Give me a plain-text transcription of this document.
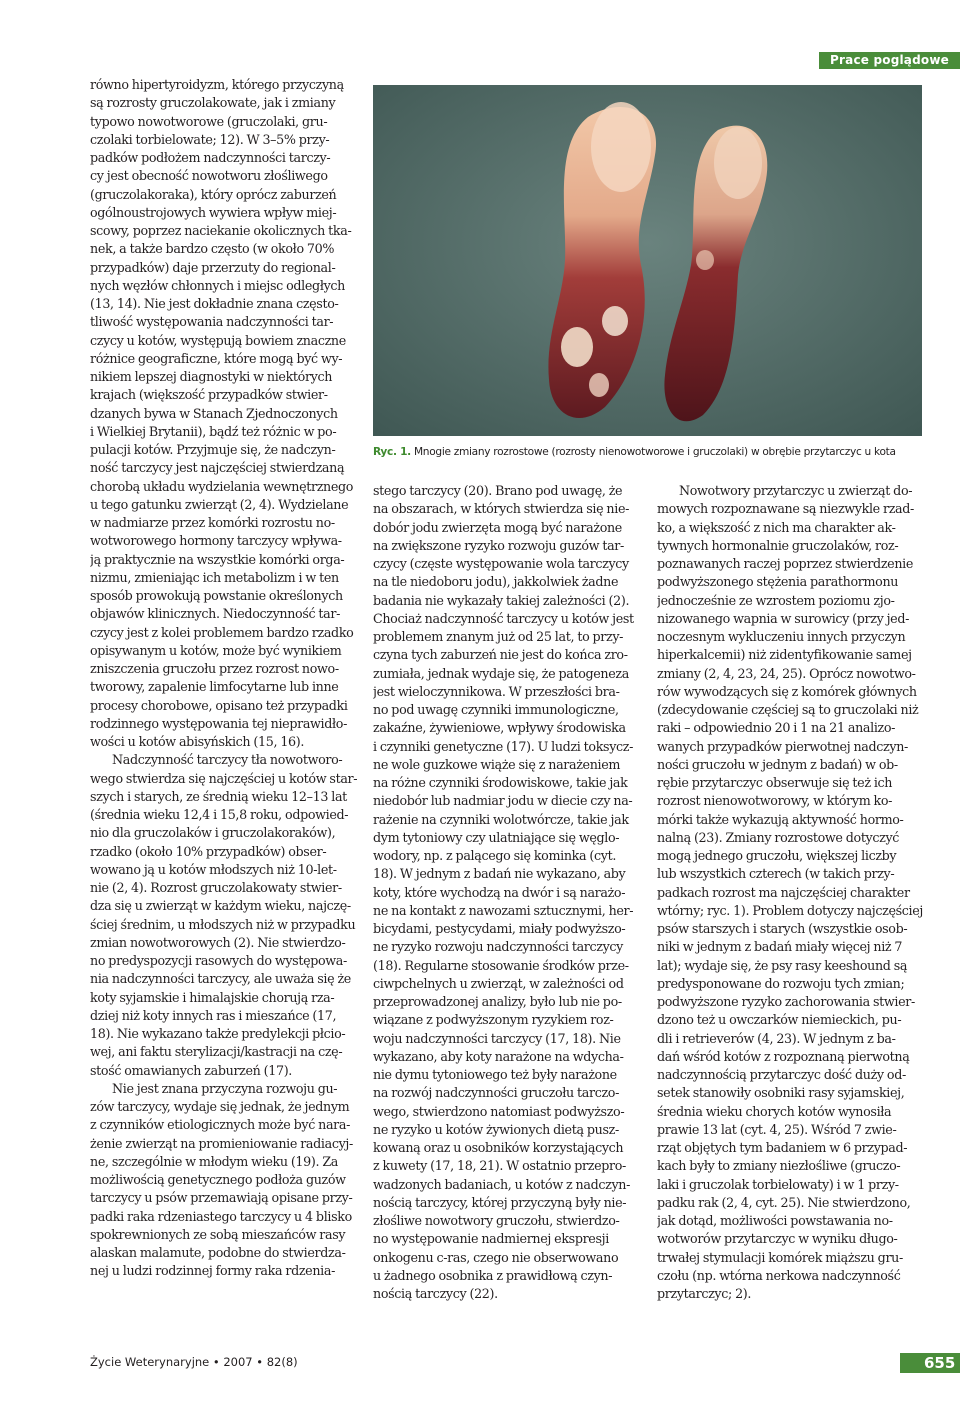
Prace poglądowe
równo hipertyroidyzm, którego przyczyną
są rozrosty gruczolakowate, jak i zmiany
typowo nowotworowe (gruczolaki, gru-
czolaki torbielowate; 12). W 3–5% przy-
padków podłożem nadczynności tarczy-
cy jest obecność nowotworu złośliwego
(gruczolakoraka), który oprócz zaburzeń
ogólnoustrojowych wywiera wpływ miej-
scowy, poprzez naciekanie okolicznych tka-
nek, a także bardzo często (w około 70%
przypadków) daje przerzuty do regional-
nych węzłów chłonnych i miejsc odległych
(13, 14). Nie jest dokładnie znana często-
tliwość występowania nadczynności tar-
czycy u kotów, występują bowiem znaczne
różnice geograficzne, które mogą być wy-
nikiem lepszej diagnostyki w niektórych
krajach (większość przypadków stwier-
dzanych bywa w Stanach Zjednoczonych
i Wielkiej Brytanii), bądź też różnic w po-
pulacji kotów. Przyjmuje się, że nadczyn-
ność tarczycy jest najczęściej stwierdzaną
chorobą układu wydzielania wewnętrznego
u tego gatunku zwierząt (2, 4). Wydzielane
w nadmiarze przez komórki rozrostu no-
wotworowego hormony tarczycy wpływa-
ją praktycznie na wszystkie komórki orga-
nizmu, zmieniając ich metabolizm i w ten
sposób prowokują powstanie określonych
objawów klinicznych. Niedoczynność tar-
czycy jest z kolei problemem bardzo rzadko
opisywanym u kotów, może być wynikiem
zniszczenia gruczołu przez rozrost nowo-
tworowy, zapalenie limfocytarne lub inne
procesy chorobowe, opisano też przypadki
rodzinnego występowania tej nieprawidło-
wości u kotów abisyńskich (15, 16).
Nadczynność tarczycy tła nowotworo-
wego stwierdza się najczęściej u kotów star-
szych i starych, ze średnią wieku 12–13 lat
(średnia wieku 12,4 i 15,8 roku, odpowied-
nio dla gruczolaków i gruczolakoraków),
rzadko (około 10% przypadków) obser-
wowano ją u kotów młodszych niż 10-let-
nie (2, 4). Rozrost gruczolakowaty stwier-
dza się u zwierząt w każdym wieku, najczę-
ściej średnim, u młodszych niż w przypadku
zmian nowotworowych (2). Nie stwierdzo-
no predyspozycji rasowych do występowa-
nia nadczynności tarczycy, ale uważa się że
koty syjamskie i himalajskie chorują rza-
dziej niż koty innych ras i mieszańce (17,
18). Nie wykazano także predylekcji płcio-
wej, ani faktu sterylizacji/kastracji na czę-
stość omawianych zaburzeń (17).
Nie jest znana przyczyna rozwoju gu-
zów tarczycy, wydaje się jednak, że jednym
z czynników etiologicznych może być nara-
żenie zwierząt na promieniowanie radiacyj-
ne, szczególnie w młodym wieku (19). Za
możliwością genetycznego podłoża guzów
tarczycy u psów przemawiają opisane przy-
padki raka rdzeniastego tarczycy u 4 blisko
spokrewnionych ze sobą mieszańców rasy
alaskan malamute, podobne do stwierdza-
nej u ludzi rodzinnej formy raka rdzenia-
Ryc. 1. Mnogie zmiany rozrostowe (rozrosty nienowotworowe i gruczolaki) w obrębie przytarczyc u kota
stego tarczycy (20). Brano pod uwagę, że
na obszarach, w których stwierdza się nie-
dobór jodu zwierzęta mogą być narażone
na zwiększone ryzyko rozwoju guzów tar-
czycy (częste występowanie wola tarczycy
na tle niedoboru jodu), jakkolwiek żadne
badania nie wykazały takiej zależności (2).
Chociaż nadczynność tarczycy u kotów jest
problemem znanym już od 25 lat, to przy-
czyna tych zaburzeń nie jest do końca zro-
zumiała, jednak wydaje się, że patogeneza
jest wieloczynnikowa. W przeszłości bra-
no pod uwagę czynniki immunologiczne,
zakaźne, żywieniowe, wpływy środowiska
i czynniki genetyczne (17). U ludzi toksycz-
ne wole guzkowe wiąże się z narażeniem
na różne czynniki środowiskowe, takie jak
niedobór lub nadmiar jodu w diecie czy na-
rażenie na czynniki wolotwórcze, takie jak
dym tytoniowy czy ulatniające się węglo-
wodory, np. z palącego się kominka (cyt.
18). W jednym z badań nie wykazano, aby
koty, które wychodzą na dwór i są narażo-
ne na kontakt z nawozami sztucznymi, her-
bicydami, pestycydami, miały podwyższo-
ne ryzyko rozwoju nadczynności tarczycy
(18). Regularne stosowanie środków prze-
ciwpchelnych u zwierząt, w zależności od
przeprowadzonej analizy, było lub nie po-
wiązane z podwyższonym ryzykiem roz-
woju nadczynności tarczycy (17, 18). Nie
wykazano, aby koty narażone na wdycha-
nie dymu tytoniowego też były narażone
na rozwój nadczynności gruczołu tarczo-
wego, stwierdzono natomiast podwyższo-
ne ryzyko u kotów żywionych dietą pusz-
kowaną oraz u osobników korzystających
z kuwety (17, 18, 21). W ostatnio przepro-
wadzonych badaniach, u kotów z nadczyn-
nością tarczycy, której przyczyną były nie-
złośliwe nowotwory gruczołu, stwierdzo-
no występowanie nadmiernej ekspresji
onkogenu c-ras, czego nie obserwowano
u żadnego osobnika z prawidłową czyn-
nością tarczycy (22).
Nowotwory przytarczyc u zwierząt do-
mowych rozpoznawane są niezwykle rzad-
ko, a większość z nich ma charakter ak-
tywnych hormonalnie gruczolaków, roz-
poznawanych raczej poprzez stwierdzenie
podwyższonego stężenia parathormonu
jednocześnie ze wzrostem poziomu zjo-
nizowanego wapnia w surowicy (przy jed-
noczesnym wykluczeniu innych przyczyn
hiperkalcemii) niż zidentyfikowanie samej
zmiany (2, 4, 23, 24, 25). Oprócz nowotwo-
rów wywodzących się z komórek głównych
(zdecydowanie częściej są to gruczolaki niż
raki – odpowiednio 20 i 1 na 21 analizo-
wanych przypadków pierwotnej nadczyn-
ności gruczołu w jednym z badań) w ob-
rębie przytarczyc obserwuje się też ich
rozrost nienowotworowy, w którym ko-
mórki także wykazują aktywność hormo-
nalną (23). Zmiany rozrostowe dotyczyć
mogą jednego gruczołu, większej liczby
lub wszystkich czterech (w takich przy-
padkach rozrost ma najczęściej charakter
wtórny; ryc. 1). Problem dotyczy najczęściej
psów starszych i starych (wszystkie osob-
niki w jednym z badań miały więcej niż 7
lat); wydaje się, że psy rasy keeshound są
predysponowane do rozwoju tych zmian;
podwyższone ryzyko zachorowania stwier-
dzono też u owczarków niemieckich, pu-
dli i retrieverów (4, 23). W jednym z ba-
dań wśród kotów z rozpoznaną pierwotną
nadczynnością przytarczyc dość duży od-
setek stanowiły osobniki rasy syjamskiej,
średnia wieku chorych kotów wynosiła
prawie 13 lat (cyt. 4, 25). Wśród 7 zwie-
rząt objętych tym badaniem w 6 przypad-
kach były to zmiany niezłośliwe (gruczo-
laki i gruczolak torbielowaty) i w 1 przy-
padku rak (2, 4, cyt. 25). Nie stwierdzono,
jak dotąd, możliwości powstawania no-
wotworów przytarczyc w wyniku długo-
trwałej stymulacji komórek miąższu gru-
czołu (np. wtórna nerkowa nadczynność
przytarczyc; 2).
Życie Weterynaryjne • 2007 • 82(8)	655
